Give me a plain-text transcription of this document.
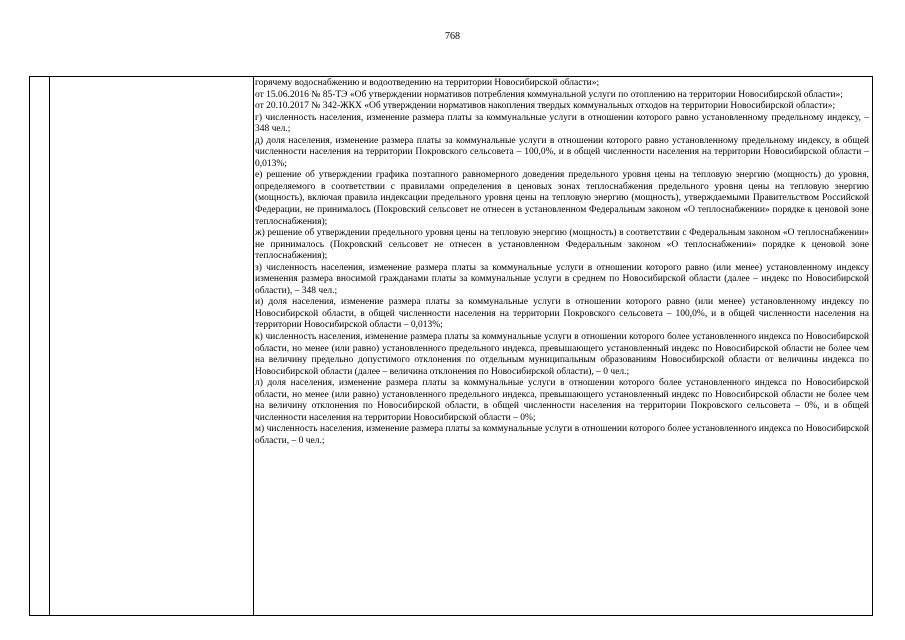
768
горячему водоснабжению и водоотведению на территории Новосибирской области»;
от 15.06.2016 № 85-ТЭ «Об утверждении нормативов потребления коммунальной услуги по отоплению на территории Новосибирской области»;
от 20.10.2017 № 342-ЖКХ «Об утверждении нормативов накопления твердых коммунальных отходов на территории Новосибирской области»;
г) численность населения, изменение размера платы за коммунальные услуги в отношении которого равно установленному предельному индексу, – 348 чел.;
д) доля населения, изменение размера платы за коммунальные услуги в отношении которого равно установленному предельному индексу, в общей численности населения на территории Покровского сельсовета – 100,0%, и в общей численности населения на территории Новосибирской области – 0,013%;
е) решение об утверждении графика поэтапного равномерного доведения предельного уровня цены на тепловую энергию (мощность) до уровня, определяемого в соответствии с правилами определения в ценовых зонах теплоснабжения предельного уровня цены на тепловую энергию (мощность), включая правила индексации предельного уровня цены на тепловую энергию (мощность), утверждаемыми Правительством Российской Федерации, не принималось (Покровский сельсовет не отнесен в установленном Федеральным законом «О теплоснабжении» порядке к ценовой зоне теплоснабжения);
ж) решение об утверждении предельного уровня цены на тепловую энергию (мощность) в соответствии с Федеральным законом «О теплоснабжении» не принималось (Покровский сельсовет не отнесен в установленном Федеральным законом «О теплоснабжении» порядке к ценовой зоне теплоснабжения);
з) численность населения, изменение размера платы за коммунальные услуги в отношении которого равно (или менее) установленному индексу изменения размера вносимой гражданами платы за коммунальные услуги в среднем по Новосибирской области (далее – индекс по Новосибирской области), – 348 чел.;
и) доля населения, изменение размера платы за коммунальные услуги в отношении которого равно (или менее) установленному индексу по Новосибирской области, в общей численности населения на территории Покровского сельсовета – 100,0%, и в общей численности населения на территории Новосибирской области – 0,013%;
к) численность населения, изменение размера платы за коммунальные услуги в отношении которого более установленного индекса по Новосибирской области, но менее (или равно) установленного предельного индекса, превышающего установленный индекс по Новосибирской области не более чем на величину предельно допустимого отклонения по отдельным муниципальным образованиям Новосибирской области от величины индекса по Новосибирской области (далее – величина отклонения по Новосибирской области), – 0 чел.;
л) доля населения, изменение размера платы за коммунальные услуги в отношении которого более установленного индекса по Новосибирской области, но менее (или равно) установленного предельного индекса, превышающего установленный индекс по Новосибирской области не более чем на величину отклонения по Новосибирской области, в общей численности населения на территории Покровского сельсовета – 0%, и в общей численности населения на территории Новосибирской области – 0%;
м) численность населения, изменение размера платы за коммунальные услуги в отношении которого более установленного индекса по Новосибирской области, – 0 чел.;
